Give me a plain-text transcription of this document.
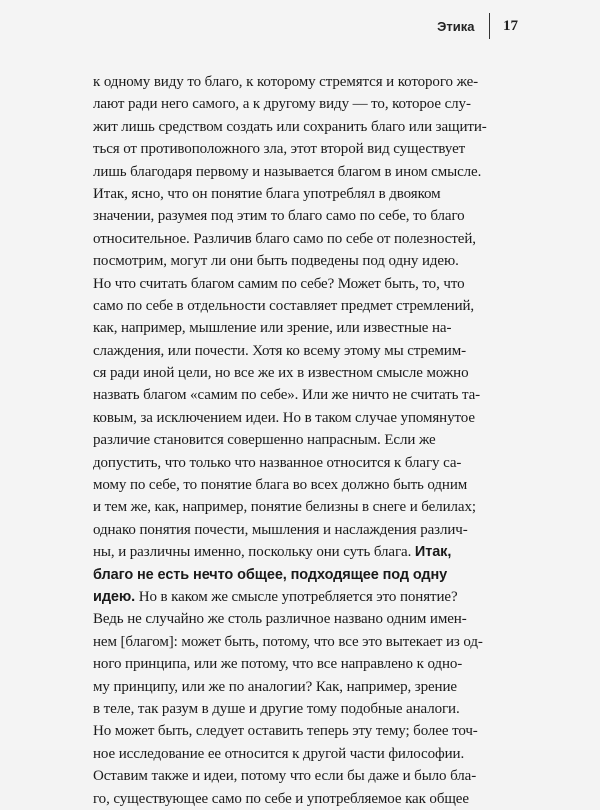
Этика	17
к одному виду то благо, к которому стремятся и которого же-
лают ради него самого, а к другому виду — то, которое слу-
жит лишь средством создать или сохранить благо или защити-
ться от противоположного зла, этот второй вид существует
лишь благодаря первому и называется благом в ином смысле.
Итак, ясно, что он понятие блага употреблял в двояком
значении, разумея под этим то благо само по себе, то благо
относительное. Различив благо само по себе от полезностей,
посмотрим, могут ли они быть подведены под одну идею.
Но что считать благом самим по себе? Может быть, то, что
само по себе в отдельности составляет предмет стремлений,
как, например, мышление или зрение, или известные на-
слаждения, или почести. Хотя ко всему этому мы стремим-
ся ради иной цели, но все же их в известном смысле можно
назвать благом «самим по себе». Или же ничто не считать та-
ковым, за исключением идеи. Но в таком случае упомянутое
различие становится совершенно напрасным. Если же
допустить, что только что названное относится к благу са-
мому по себе, то понятие блага во всех должно быть одним
и тем же, как, например, понятие белизны в снеге и белилах;
однако понятия почести, мышления и наслаждения различ-
ны, и различны именно, поскольку они суть блага. Итак,
благо не есть нечто общее, подходящее под одну
идею. Но в каком же смысле употребляется это понятие?
Ведь не случайно же столь различное названо одним имен-
нем [благом]: может быть, потому, что все это вытекает из од-
ного принципа, или же потому, что все направлено к одно-
му принципу, или же по аналогии? Как, например, зрение
в теле, так разум в душе и другие тому подобные аналоги.
Но может быть, следует оставить теперь эту тему; более точ-
ное исследование ее относится к другой части философии.
Оставим также и идеи, потому что если бы даже и было бла-
го, существующее само по себе и употребляемое как общее
